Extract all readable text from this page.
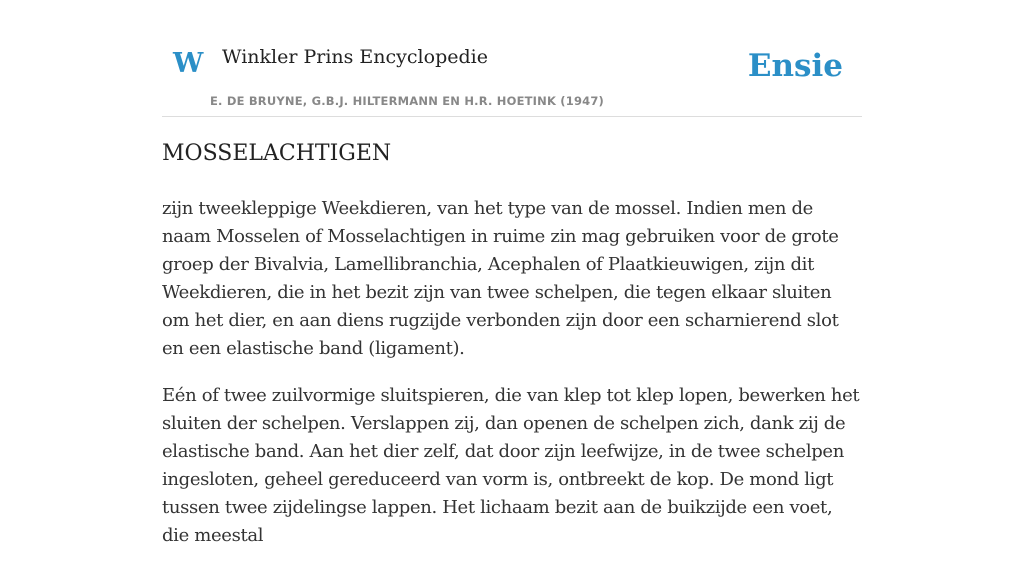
W Winkler Prins Encyclopedie
E. DE BRUYNE, G.B.J. HILTERMANN EN H.R. HOETINK (1947)
Ensie
MOSSELACHTIGEN

zijn tweekleppige Weekdieren, van het type van de mossel. Indien men de naam Mosselen of Mosselachtigen in ruime zin mag gebruiken voor de grote groep der Bivalvia, Lamellibranchia, Acephalen of Plaatkieuwigen, zijn dit Weekdieren, die in het bezit zijn van twee schelpen, die tegen elkaar sluiten om het dier, en aan diens rugzijde verbonden zijn door een scharnierend slot en een elastische band (ligament).

Eén of twee zuilvormige sluitspieren, die van klep tot klep lopen, bewerken het sluiten der schelpen. Verslappen zij, dan openen de schelpen zich, dank zij de elastische band. Aan het dier zelf, dat door zijn leefwijze, in de twee schelpen ingesloten, geheel gereduceerd van vorm is, ontbreekt de kop. De mond ligt tussen twee zijdelingse lappen. Het lichaam bezit aan de buikzijde een voet, die meestal
